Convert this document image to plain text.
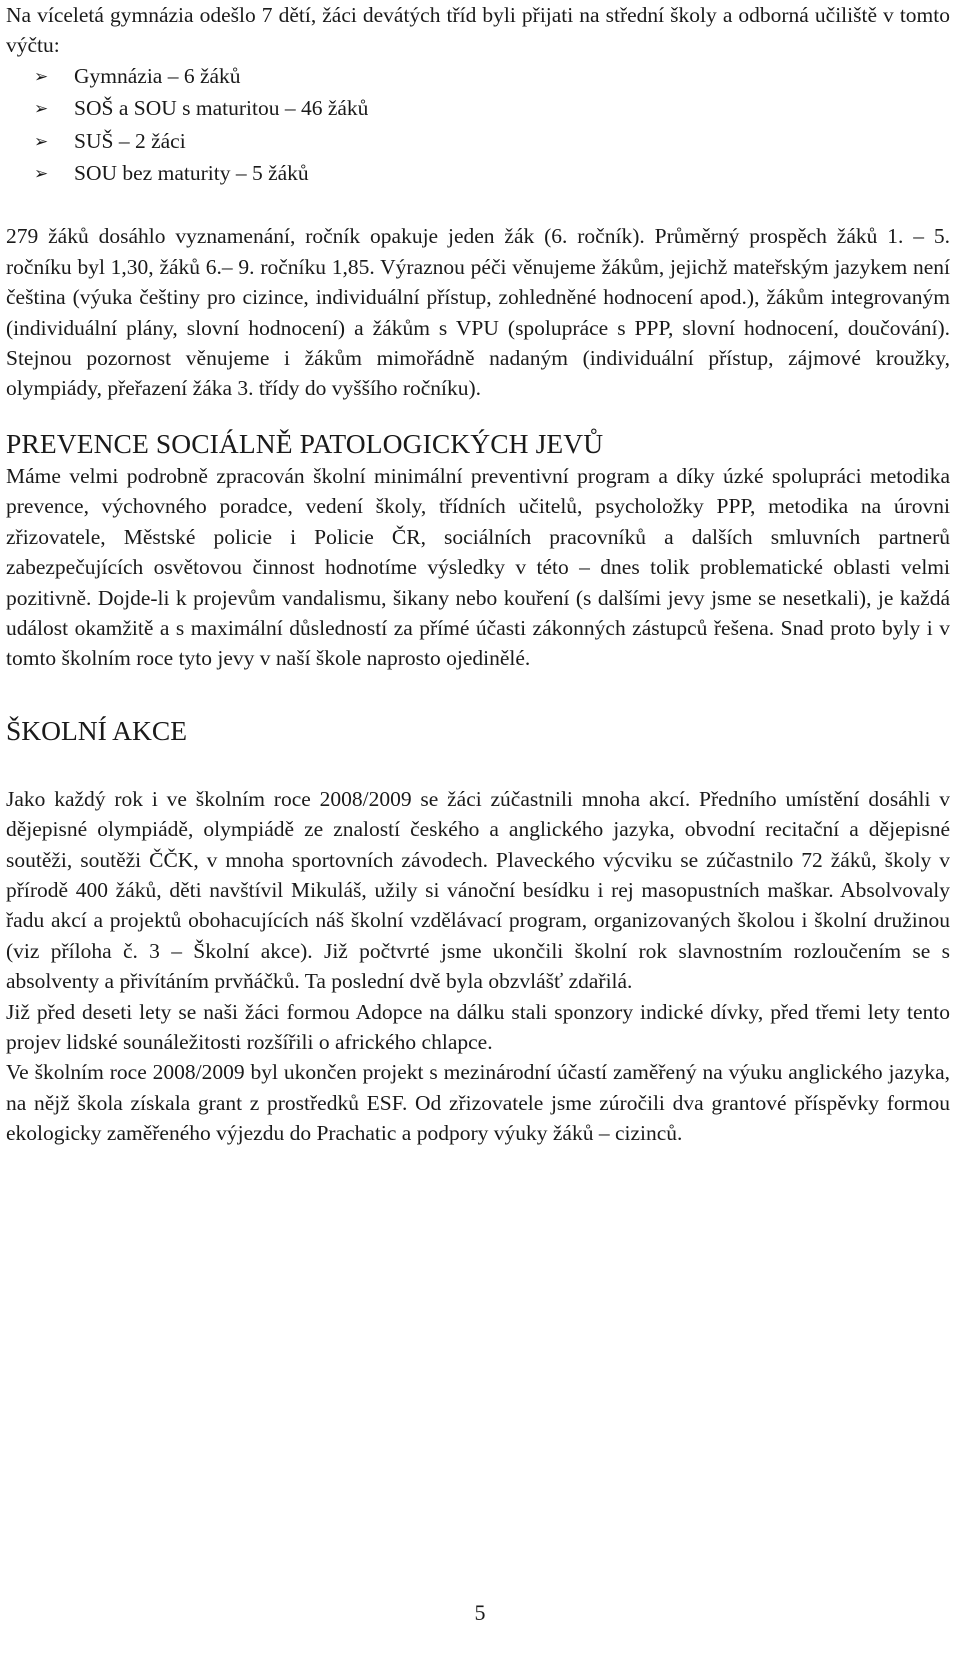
Na víceletá gymnázia odešlo 7 dětí, žáci devátých tříd byli přijati na střední školy a odborná učiliště v tomto výčtu:

➢	Gymnázia – 6 žáků
➢	SOŠ a SOU s maturitou – 46 žáků
➢	SUŠ – 2 žáci
➢	SOU bez maturity – 5 žáků

279 žáků dosáhlo vyznamenání, ročník opakuje jeden žák (6. ročník). Průměrný prospěch žáků 1. – 5. ročníku byl 1,30, žáků 6.– 9. ročníku 1,85. Výraznou péči věnujeme žákům, jejichž mateřským jazykem není čeština (výuka češtiny pro cizince, individuální přístup, zohledněné hodnocení apod.), žákům integrovaným (individuální plány, slovní hodnocení) a žákům s VPU (spolupráce s PPP, slovní hodnocení, doučování). Stejnou pozornost věnujeme i žákům mimořádně nadaným (individuální přístup, zájmové kroužky, olympiády, přeřazení žáka 3. třídy do vyššího ročníku).

PREVENCE SOCIÁLNĚ PATOLOGICKÝCH JEVŮ

Máme velmi podrobně zpracován školní minimální preventivní program a díky úzké spolupráci metodika prevence, výchovného poradce, vedení školy, třídních učitelů, psycholožky PPP, metodika na úrovni zřizovatele, Městské policie i Policie ČR, sociálních pracovníků a dalších smluvních partnerů zabezpečujících osvětovou činnost hodnotíme výsledky v této – dnes tolik problematické oblasti velmi pozitivně. Dojde-li k projevům vandalismu, šikany nebo kouření (s dalšími jevy jsme se nesetkali), je každá událost okamžitě a s maximální důsledností za přímé účasti zákonných zástupců řešena. Snad proto byly i v tomto školním roce tyto jevy v naší škole naprosto ojedinělé.

ŠKOLNÍ AKCE

Jako každý rok i ve školním roce 2008/2009 se žáci zúčastnili mnoha akcí. Předního umístění dosáhli v dějepisné olympiádě, olympiádě ze znalostí českého a anglického jazyka, obvodní recitační a dějepisné soutěži, soutěži ČČK, v mnoha sportovních závodech. Plaveckého výcviku se zúčastnilo 72 žáků, školy v přírodě 400 žáků, děti navštívil Mikuláš, užily si vánoční besídku i rej masopustních maškar. Absolvovaly řadu akcí a projektů obohacujících náš školní vzdělávací program, organizovaných školou i školní družinou (viz příloha č. 3 – Školní akce). Již počtvrté jsme ukončili školní rok slavnostním rozloučením se s absolventy a přivítáním prvňáčků. Ta poslední dvě byla obzvlášť zdařilá.

Již před deseti lety se naši žáci formou Adopce na dálku stali sponzory indické dívky, před třemi lety tento projev lidské sounáležitosti rozšířili o afrického chlapce.

Ve školním roce 2008/2009 byl ukončen projekt s mezinárodní účastí zaměřený na výuku anglického jazyka, na nějž škola získala grant z prostředků ESF. Od zřizovatele jsme zúročili dva grantové příspěvky formou ekologicky zaměřeného výjezdu do Prachatic a podpory výuky žáků – cizinců.

5
